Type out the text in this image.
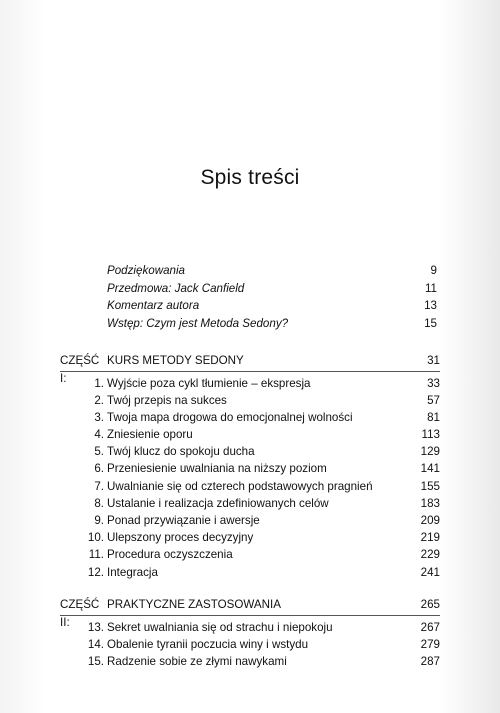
Spis treści
Podziękowania	9
Przedmowa: Jack Canfield	11
Komentarz autora	13
Wstęp: Czym jest Metoda Sedony?	15
CZĘŚĆ I:
KURS METODY SEDONY	31
1. Wyjście poza cykl tłumienie – ekspresja	33
2. Twój przepis na sukces	57
3. Twoja mapa drogowa do emocjonalnej wolności	81
4. Zniesienie oporu	113
5. Twój klucz do spokoju ducha	129
6. Przeniesienie uwalniania na niższy poziom	141
7. Uwalnianie się od czterech podstawowych pragnień	155
8. Ustalanie i realizacja zdefiniowanych celów	183
9. Ponad przywiązanie i awersje	209
10. Ulepszony proces decyzyjny	219
11. Procedura oczyszczenia	229
12. Integracja	241
CZĘŚĆ II:
PRAKTYCZNE ZASTOSOWANIA	265
13. Sekret uwalniania się od strachu i niepokoju	267
14. Obalenie tyranii poczucia winy i wstydu	279
15. Radzenie sobie ze złymi nawykami	287
